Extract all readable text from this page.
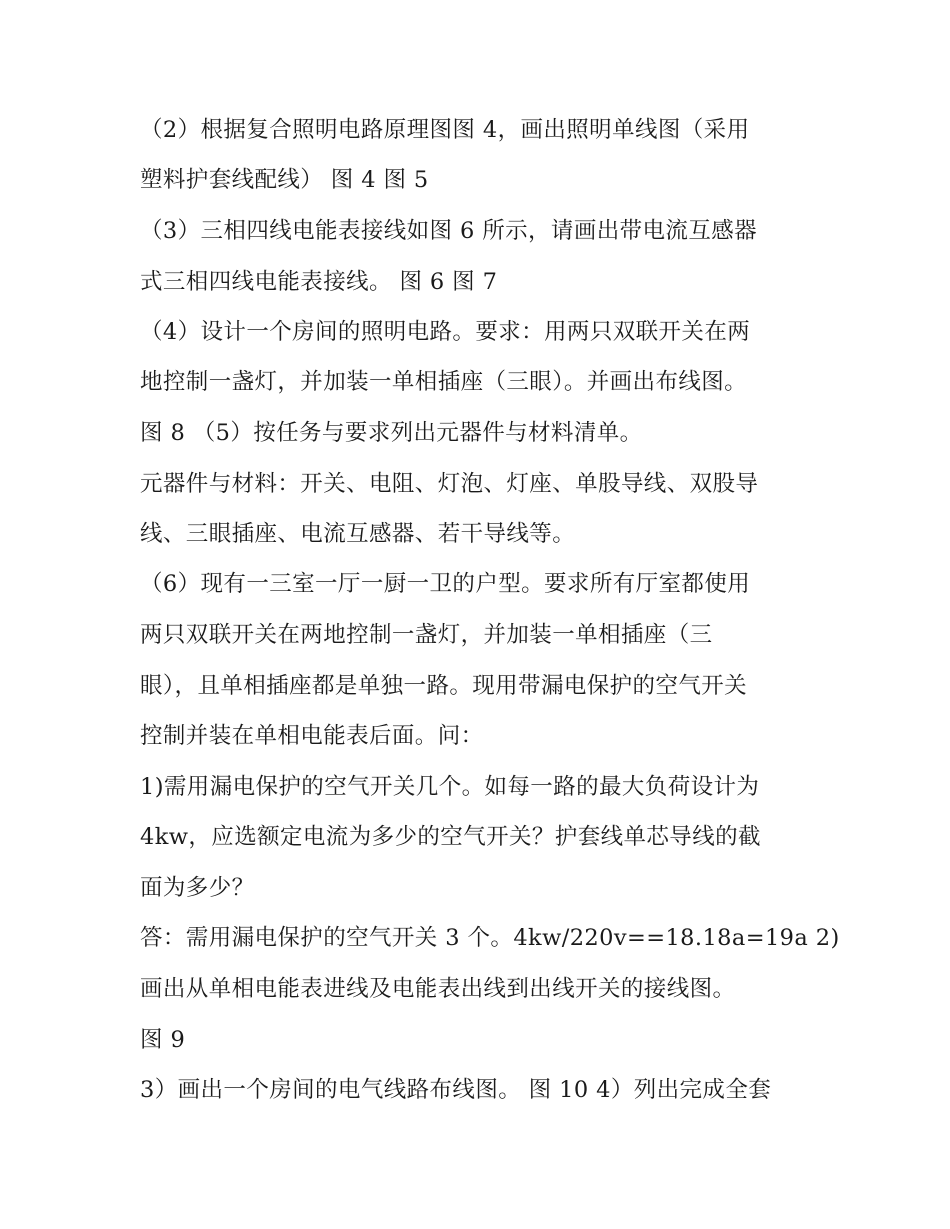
（2）根据复合照明电路原理图图 4，画出照明单线图（采用
塑料护套线配线） 图 4 图 5
（3）三相四线电能表接线如图 6 所示，请画出带电流互感器
式三相四线电能表接线。 图 6 图 7
（4）设计一个房间的照明电路。要求：用两只双联开关在两
地控制一盏灯，并加装一单相插座（三眼）。并画出布线图。
图 8 （5）按任务与要求列出元器件与材料清单。
元器件与材料：开关、电阻、灯泡、灯座、单股导线、双股导
线、三眼插座、电流互感器、若干导线等。
（6）现有一三室一厅一厨一卫的户型。要求所有厅室都使用
两只双联开关在两地控制一盏灯，并加装一单相插座（三
眼），且单相插座都是单独一路。现用带漏电保护的空气开关
控制并装在单相电能表后面。问：
1)需用漏电保护的空气开关几个。如每一路的最大负荷设计为
4kw，应选额定电流为多少的空气开关？护套线单芯导线的截
面为多少？
答：需用漏电保护的空气开关 3 个。4kw/220v==18.18a=19a 2)
画出从单相电能表进线及电能表出线到出线开关的接线图。
图 9
3）画出一个房间的电气线路布线图。 图 10 4）列出完成全套
